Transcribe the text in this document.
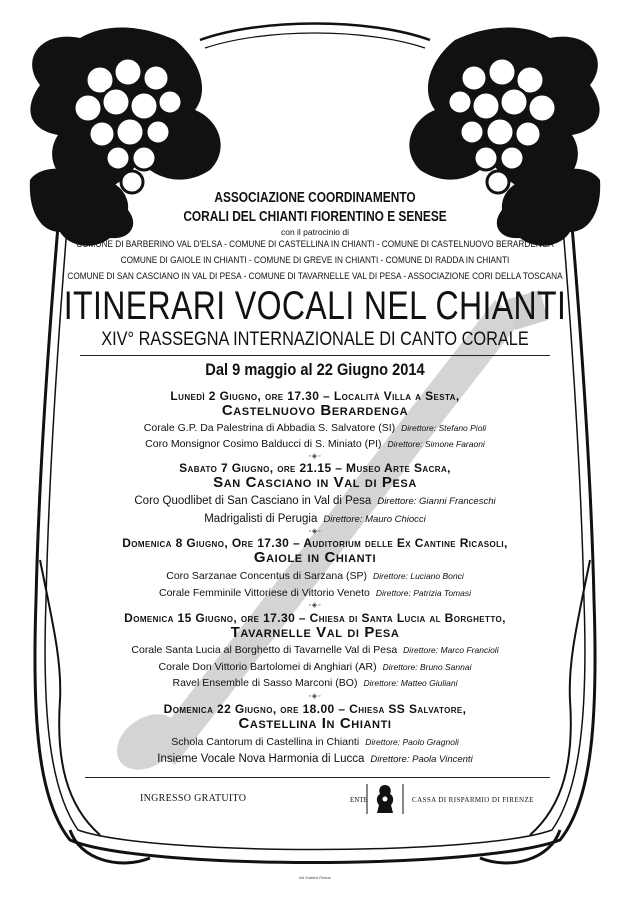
ASSOCIAZIONE COORDINAMENTO
CORALI DEL CHIANTI FIORENTINO E SENESE
con il patrocinio di
COMUNE DI BARBERINO VAL D'ELSA - COMUNE DI CASTELLINA IN CHIANTI - COMUNE DI CASTELNUOVO BERARDENGA
COMUNE DI GAIOLE IN CHIANTI - COMUNE DI GREVE IN CHIANTI - COMUNE DI RADDA IN CHIANTI
COMUNE DI SAN CASCIANO IN VAL DI PESA - COMUNE DI TAVARNELLE VAL DI PESA - ASSOCIAZIONE CORI DELLA TOSCANA
ITINERARI VOCALI NEL CHIANTI
XIV° RASSEGNA INTERNAZIONALE DI CANTO CORALE
Dal 9 maggio al 22 Giugno 2014
Lunedì 2 Giugno, ore 17.30 – Località Villa a Sesta,
Castelnuovo Berardenga
Corale G.P. Da Palestrina di Abbadia S. Salvatore (SI) Direttore: Stefano Pioli
Coro Monsignor Cosimo Balducci di S. Miniato (PI) Direttore: Simone Faraoni
◦◈◦
Sabato 7 Giugno, ore 21.15 – Museo Arte Sacra,
San Casciano in Val di Pesa
Coro Quodlibet di San Casciano in Val di Pesa Direttore: Gianni Franceschi
Madrigalisti di Perugia Direttore: Mauro Chiocci
◦◈◦
Domenica 8 Giugno, Ore 17.30 – Auditorium delle Ex Cantine Ricasoli,
Gaiole in Chianti
Coro Sarzanae Concentus di Sarzana (SP) Direttore: Luciano Bonci
Corale Femminile Vittoriese di Vittorio Veneto Direttore: Patrizia Tomasi
◦◈◦
Domenica 15 Giugno, ore 17.30 – Chiesa di Santa Lucia al Borghetto,
Tavarnelle Val di Pesa
Corale Santa Lucia al Borghetto di Tavarnelle Val di Pesa Direttore: Marco Francioli
Corale Don Vittorio Bartolomei di Anghiari (AR) Direttore: Bruno Sannai
Ravel Ensemble di Sasso Marconi (BO) Direttore: Matteo Giuliani
◦◈◦
Domenica 22 Giugno, ore 18.00 – Chiesa SS Salvatore,
Castellina In Chianti
Schola Cantorum di Castellina in Chianti Direttore: Paolo Gragnoli
Insieme Vocale Nova Harmonia di Lucca Direttore: Paola Vincenti
INGRESSO GRATUITO	ENTE	CASSA DI RISPARMIO DI FIRENZE
Arti Grafiche Firenze
